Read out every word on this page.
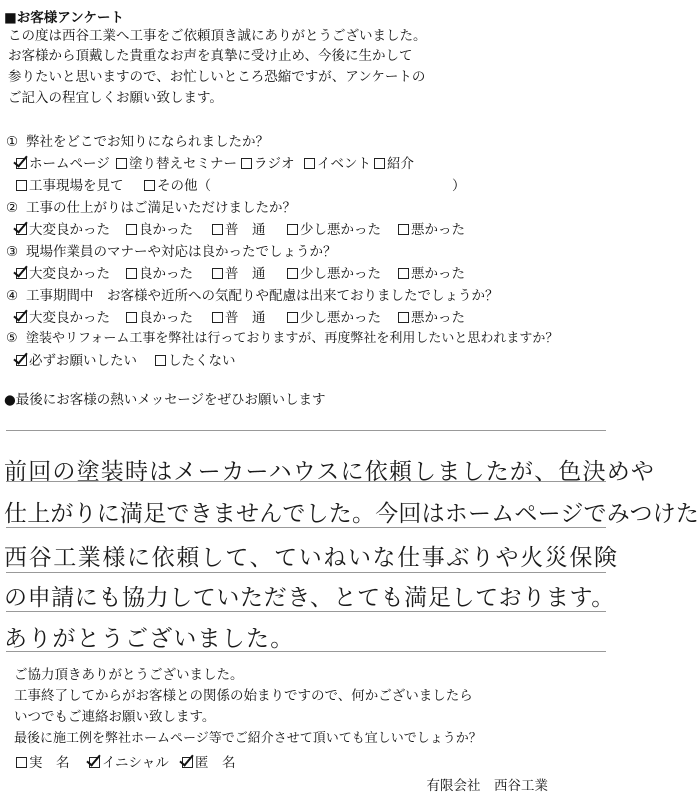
■お客様アンケート
この度は西谷工業へ工事をご依頼頂き誠にありがとうございました。
お客様から頂戴した貴重なお声を真摯に受け止め、今後に生かして
参りたいと思いますので、お忙しいところ恐縮ですが、アンケートの
ご記入の程宜しくお願い致します。
① 弊社をどこでお知りになられましたか？
ホームページ	塗り替えセミナー	ラジオ	イベント	紹介
工事現場を見て	その他（	）
② 工事の仕上がりはご満足いただけましたか？
大変良かった	良かった	普　通	少し悪かった	悪かった
③ 現場作業員のマナーや対応は良かったでしょうか？
大変良かった	良かった	普　通	少し悪かった	悪かった
④ 工事期間中　お客様や近所への気配りや配慮は出来ておりましたでしょうか？
大変良かった	良かった	普　通	少し悪かった	悪かった
⑤ 塗装やリフォーム工事を弊社は行っておりますが、再度弊社を利用したいと思われますか？
必ずお願いしたい	したくない
●最後にお客様の熱いメッセージをぜひお願いします
前回の塗装時はメーカーハウスに依頼しましたが、色決めや
仕上がりに満足できませんでした。今回はホームページでみつけた
西谷工業様に依頼して、ていねいな仕事ぶりや火災保険
の申請にも協力していただき、とても満足しております。
ありがとうございました。
ご協力頂きありがとうございました。
工事終了してからがお客様との関係の始まりですので、何かございましたら
いつでもご連絡お願い致します。
最後に施工例を弊社ホームページ等でご紹介させて頂いても宜しいでしょうか？
実　名	イニシャル	匿　名
有限会社　西谷工業
